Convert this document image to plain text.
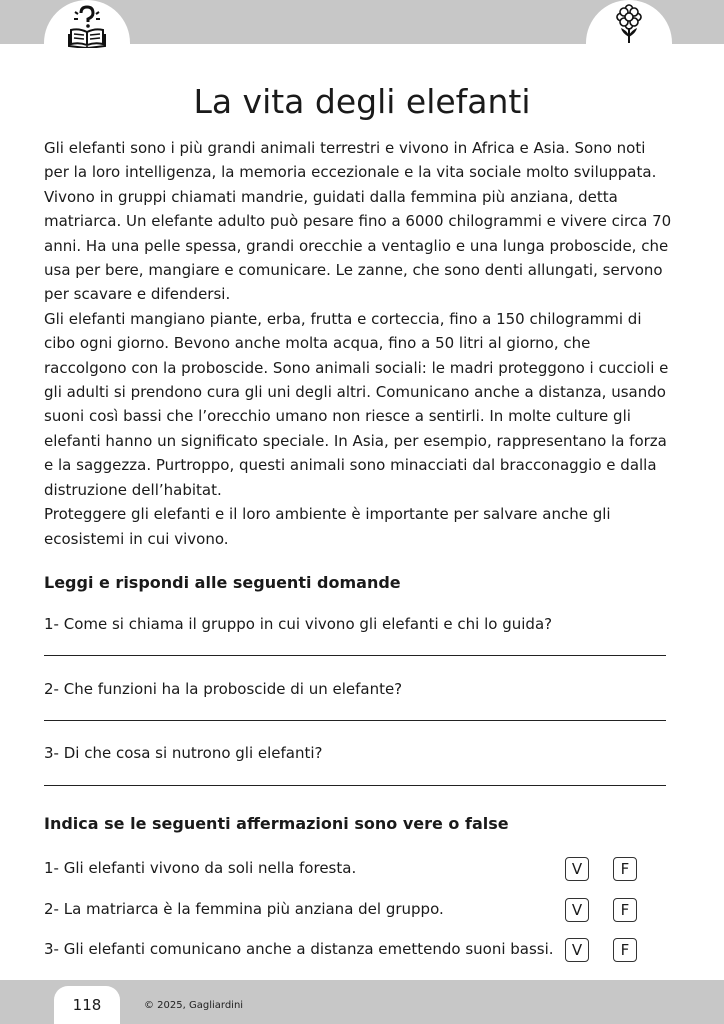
La vita degli elefanti

Gli elefanti sono i più grandi animali terrestri e vivono in Africa e Asia. Sono noti per la loro intelligenza, la memoria eccezionale e la vita sociale molto sviluppata. Vivono in gruppi chiamati mandrie, guidati dalla femmina più anziana, detta matriarca. Un elefante adulto può pesare fino a 6000 chilogrammi e vivere circa 70 anni. Ha una pelle spessa, grandi orecchie a ventaglio e una lunga proboscide, che usa per bere, mangiare e comunicare. Le zanne, che sono denti allungati, servono per scavare e difendersi.

Gli elefanti mangiano piante, erba, frutta e corteccia, fino a 150 chilogrammi di cibo ogni giorno. Bevono anche molta acqua, fino a 50 litri al giorno, che raccolgono con la proboscide. Sono animali sociali: le madri proteggono i cuccioli e gli adulti si prendono cura gli uni degli altri. Comunicano anche a distanza, usando suoni così bassi che l’orecchio umano non riesce a sentirli. In molte culture gli elefanti hanno un significato speciale. In Asia, per esempio, rappresentano la forza e la saggezza. Purtroppo, questi animali sono minacciati dal bracconaggio e dalla distruzione dell’habitat.

Proteggere gli elefanti e il loro ambiente è importante per salvare anche gli ecosistemi in cui vivono.

Leggi e rispondi alle seguenti domande

1- Come si chiama il gruppo in cui vivono gli elefanti e chi lo guida?

2- Che funzioni ha la proboscide di un elefante?

3- Di che cosa si nutrono gli elefanti?

Indica se le seguenti affermazioni sono vere o false
1- Gli elefanti vivono da soli nella foresta.	V	F
2- La matriarca è la femmina più anziana del gruppo.	V	F
3- Gli elefanti comunicano anche a distanza emettendo suoni bassi.	V	F
118	© 2025, Gagliardini
